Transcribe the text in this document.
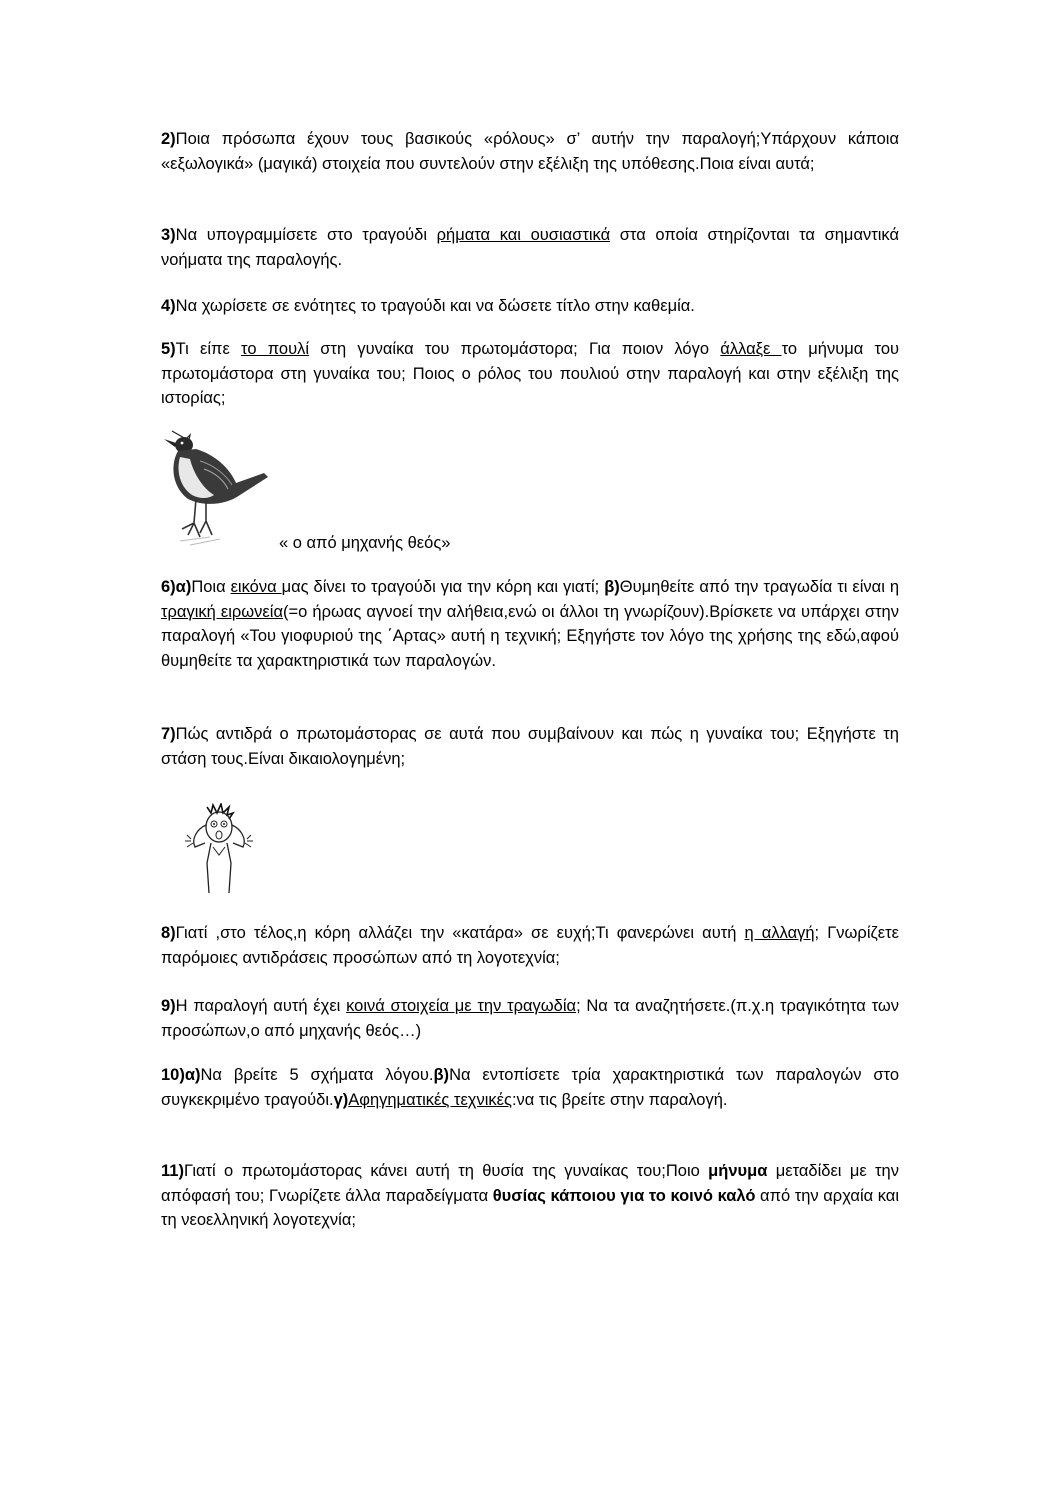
2)Ποια πρόσωπα έχουν τους βασικούς «ρόλους» σ’ αυτήν την παραλογή;Υπάρχουν κάποια «εξωλογικά» (μαγικά) στοιχεία που συντελούν στην εξέλιξη της υπόθεσης.Ποια είναι αυτά;

3)Να υπογραμμίσετε στο τραγούδι ρήματα και ουσιαστικά στα οποία στηρίζονται τα σημαντικά νοήματα της παραλογής.

4)Να χωρίσετε σε ενότητες το τραγούδι και να δώσετε τίτλο στην καθεμία.

5)Τι είπε το πουλί στη γυναίκα του πρωτομάστορα; Για ποιον λόγο άλλαξε το μήνυμα του πρωτομάστορα στη γυναίκα του; Ποιος ο ρόλος του πουλιού στην παραλογή και στην εξέλιξη της ιστορίας;

« ο από μηχανής θεός»

6)α)Ποια εικόνα μας δίνει το τραγούδι για την κόρη και γιατί; β)Θυμηθείτε από την τραγωδία τι είναι η τραγική ειρωνεία(=ο ήρωας αγνοεί την αλήθεια,ενώ οι άλλοι τη γνωρίζουν).Βρίσκετε να υπάρχει στην παραλογή «Του γιοφυριού της ΄Αρτας» αυτή η τεχνική; Εξηγήστε τον λόγο της χρήσης της εδώ,αφού θυμηθείτε τα χαρακτηριστικά των παραλογών.

7)Πώς αντιδρά ο πρωτομάστορας σε αυτά που συμβαίνουν και πώς η γυναίκα του; Εξηγήστε τη στάση τους.Είναι δικαιολογημένη;

8)Γιατί ,στο τέλος,η κόρη αλλάζει την «κατάρα» σε ευχή;Τι φανερώνει αυτή η αλλαγή; Γνωρίζετε παρόμοιες αντιδράσεις προσώπων από τη λογοτεχνία;

9)Η παραλογή αυτή έχει κοινά στοιχεία με την τραγωδία; Να τα αναζητήσετε.(π.χ.η τραγικότητα των προσώπων,ο από μηχανής θεός…)

10)α)Να βρείτε 5 σχήματα λόγου.β)Να εντοπίσετε τρία χαρακτηριστικά των παραλογών στο συγκεκριμένο τραγούδι.γ)Αφηγηματικές τεχνικές:να τις βρείτε στην παραλογή.

11)Γιατί ο πρωτομάστορας κάνει αυτή τη θυσία της γυναίκας του;Ποιο μήνυμα μεταδίδει με την απόφασή του; Γνωρίζετε άλλα παραδείγματα θυσίας κάποιου για το κοινό καλό από την αρχαία και τη νεοελληνική λογοτεχνία;
